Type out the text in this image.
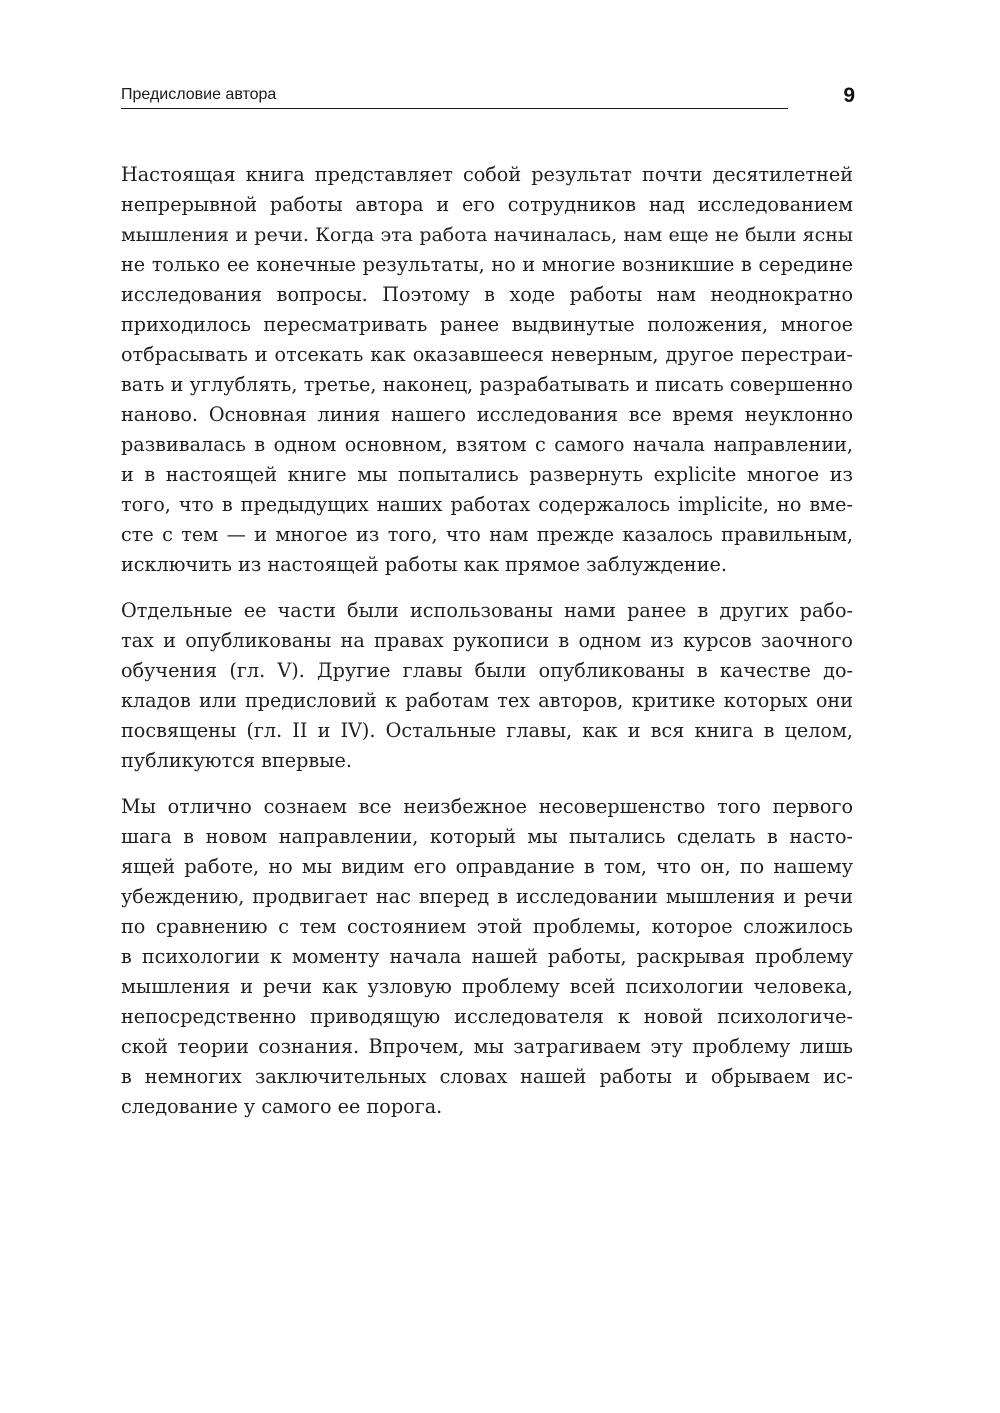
Предисловие автора	9
Настоящая книга представляет собой результат почти десятилетней
непрерывной работы автора и его сотрудников над исследованием
мышления и речи. Когда эта работа начиналась, нам еще не были ясны
не только ее конечные результаты, но и многие возникшие в середине
исследования вопросы. Поэтому в ходе работы нам неоднократно
приходилось пересматривать ранее выдвинутые положения, многое
отбрасывать и отсекать как оказавшееся неверным, другое перестраи-
вать и углублять, третье, наконец, разрабатывать и писать совершенно
наново. Основная линия нашего исследования все время неуклонно
развивалась в одном основном, взятом с самого начала направлении,
и в настоящей книге мы попытались развернуть explicite многое из
того, что в предыдущих наших работах содержалось implicite, но вме-
сте с тем — и многое из того, что нам прежде казалось правильным,
исключить из настоящей работы как прямое заблуждение.
Отдельные ее части были использованы нами ранее в других рабо-
тах и опубликованы на правах рукописи в одном из курсов заочного
обучения (гл. V). Другие главы были опубликованы в качестве до-
кладов или предисловий к работам тех авторов, критике которых они
посвящены (гл. II и IV). Остальные главы, как и вся книга в целом,
публикуются впервые.
Мы отлично сознаем все неизбежное несовершенство того первого
шага в новом направлении, который мы пытались сделать в насто-
ящей работе, но мы видим его оправдание в том, что он, по нашему
убеждению, продвигает нас вперед в исследовании мышления и речи
по сравнению с тем состоянием этой проблемы, которое сложилось
в психологии к моменту начала нашей работы, раскрывая проблему
мышления и речи как узловую проблему всей психологии человека,
непосредственно приводящую исследователя к новой психологиче-
ской теории сознания. Впрочем, мы затрагиваем эту проблему лишь
в немногих заключительных словах нашей работы и обрываем ис-
следование у самого ее порога.
